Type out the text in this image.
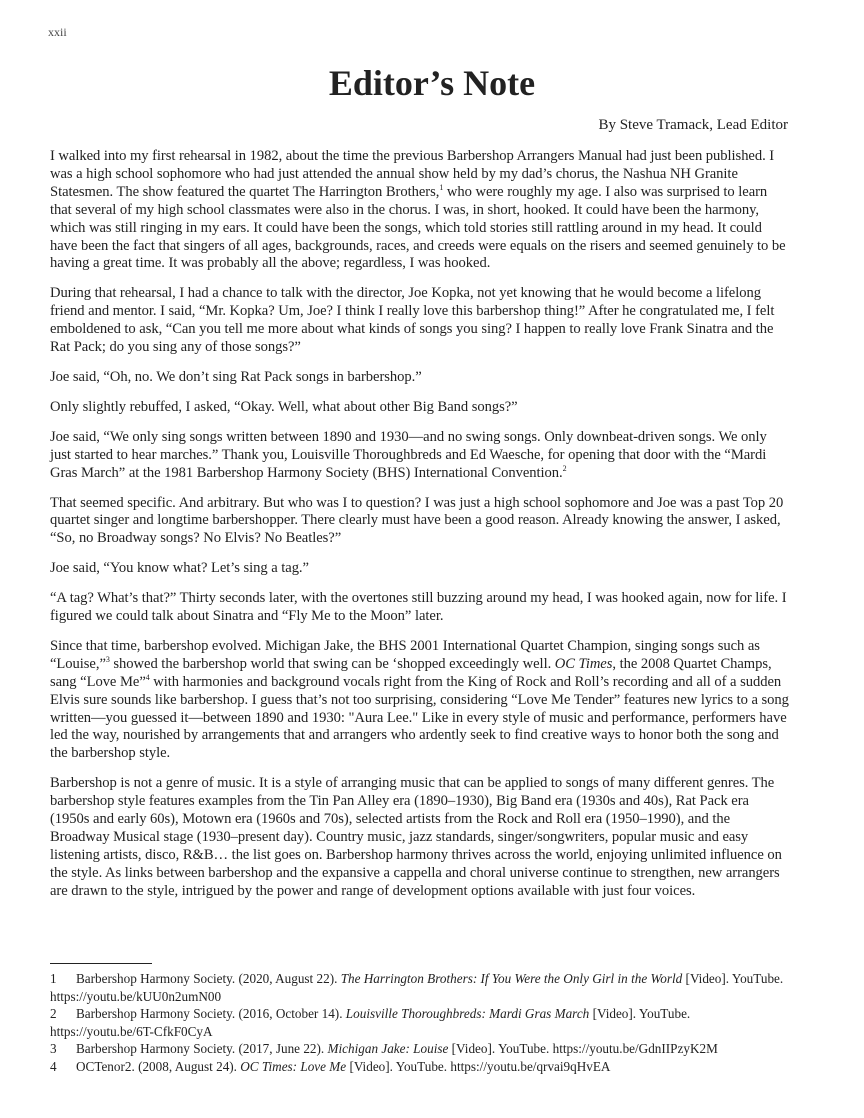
xxii
Editor’s Note
By Steve Tramack, Lead Editor

I walked into my first rehearsal in 1982, about the time the previous Barbershop Arrangers Manual had just been published. I was a high school sophomore who had just attended the annual show held by my dad’s chorus, the Nashua NH Granite Statesmen. The show featured the quartet The Harrington Brothers,$^1$ who were roughly my age. I also was surprised to learn that several of my high school classmates were also in the chorus. I was, in short, hooked. It could have been the harmony, which was still ringing in my ears. It could have been the songs, which told stories still rattling around in my head. It could have been the fact that singers of all ages, backgrounds, races, and creeds were equals on the risers and seemed genuinely to be having a great time. It was probably all the above; regardless, I was hooked.

During that rehearsal, I had a chance to talk with the director, Joe Kopka, not yet knowing that he would become a lifelong friend and mentor. I said, “Mr. Kopka? Um, Joe? I think I really love this barbershop thing!” After he congratulated me, I felt emboldened to ask, “Can you tell me more about what kinds of songs you sing? I happen to really love Frank Sinatra and the Rat Pack; do you sing any of those songs?”

Joe said, “Oh, no. We don’t sing Rat Pack songs in barbershop.”

Only slightly rebuffed, I asked, “Okay. Well, what about other Big Band songs?”

Joe said, “We only sing songs written between 1890 and 1930—and no swing songs. Only downbeat-driven songs. We only just started to hear marches.” Thank you, Louisville Thoroughbreds and Ed Waesche, for opening that door with the “Mardi Gras March” at the 1981 Barbershop Harmony Society (BHS) International Convention.$^2$

That seemed specific. And arbitrary. But who was I to question? I was just a high school sophomore and Joe was a past Top 20 quartet singer and longtime barbershopper. There clearly must have been a good reason. Already knowing the answer, I asked, “So, no Broadway songs? No Elvis? No Beatles?”

Joe said, “You know what? Let’s sing a tag.”

“A tag? What’s that?” Thirty seconds later, with the overtones still buzzing around my head, I was hooked again, now for life. I figured we could talk about Sinatra and “Fly Me to the Moon” later.

Since that time, barbershop evolved. Michigan Jake, the BHS 2001 International Quartet Champion, singing songs such as “Louise,”$^3$ showed the barbershop world that swing can be ‘shopped exceedingly well. OC Times, the 2008 Quartet Champs, sang “Love Me”$^4$ with harmonies and background vocals right from the King of Rock and Roll’s recording and all of a sudden Elvis sure sounds like barbershop. I guess that’s not too surprising, considering “Love Me Tender” features new lyrics to a song written—you guessed it—between 1890 and 1930: "Aura Lee." Like in every style of music and performance, performers have led the way, nourished by arrangements that and arrangers who ardently seek to find creative ways to honor both the song and the barbershop style.

Barbershop is not a genre of music. It is a style of arranging music that can be applied to songs of many different genres. The barbershop style features examples from the Tin Pan Alley era (1890–1930), Big Band era (1930s and 40s), Rat Pack era (1950s and early 60s), Motown era (1960s and 70s), selected artists from the Rock and Roll era (1950–1990), and the Broadway Musical stage (1930–present day). Country music, jazz standards, singer/songwriters, popular music and easy listening artists, disco, R&B… the list goes on. Barbershop harmony thrives across the world, enjoying unlimited influence on the style. As links between barbershop and the expansive a cappella and choral universe continue to strengthen, new arrangers are drawn to the style, intrigued by the power and range of development options available with just four voices.

1 Barbershop Harmony Society. (2020, August 22). The Harrington Brothers: If You Were the Only Girl in the World [Video]. YouTube. https://youtu.be/kUU0n2umN00

2 Barbershop Harmony Society. (2016, October 14). Louisville Thoroughbreds: Mardi Gras March [Video]. YouTube. https://youtu.be/6T-CfkF0CyA

3 Barbershop Harmony Society. (2017, June 22). Michigan Jake: Louise [Video]. YouTube. https://youtu.be/GdnIIPzyK2M

4 OCTenor2. (2008, August 24). OC Times: Love Me [Video]. YouTube. https://youtu.be/qrvai9qHvEA
